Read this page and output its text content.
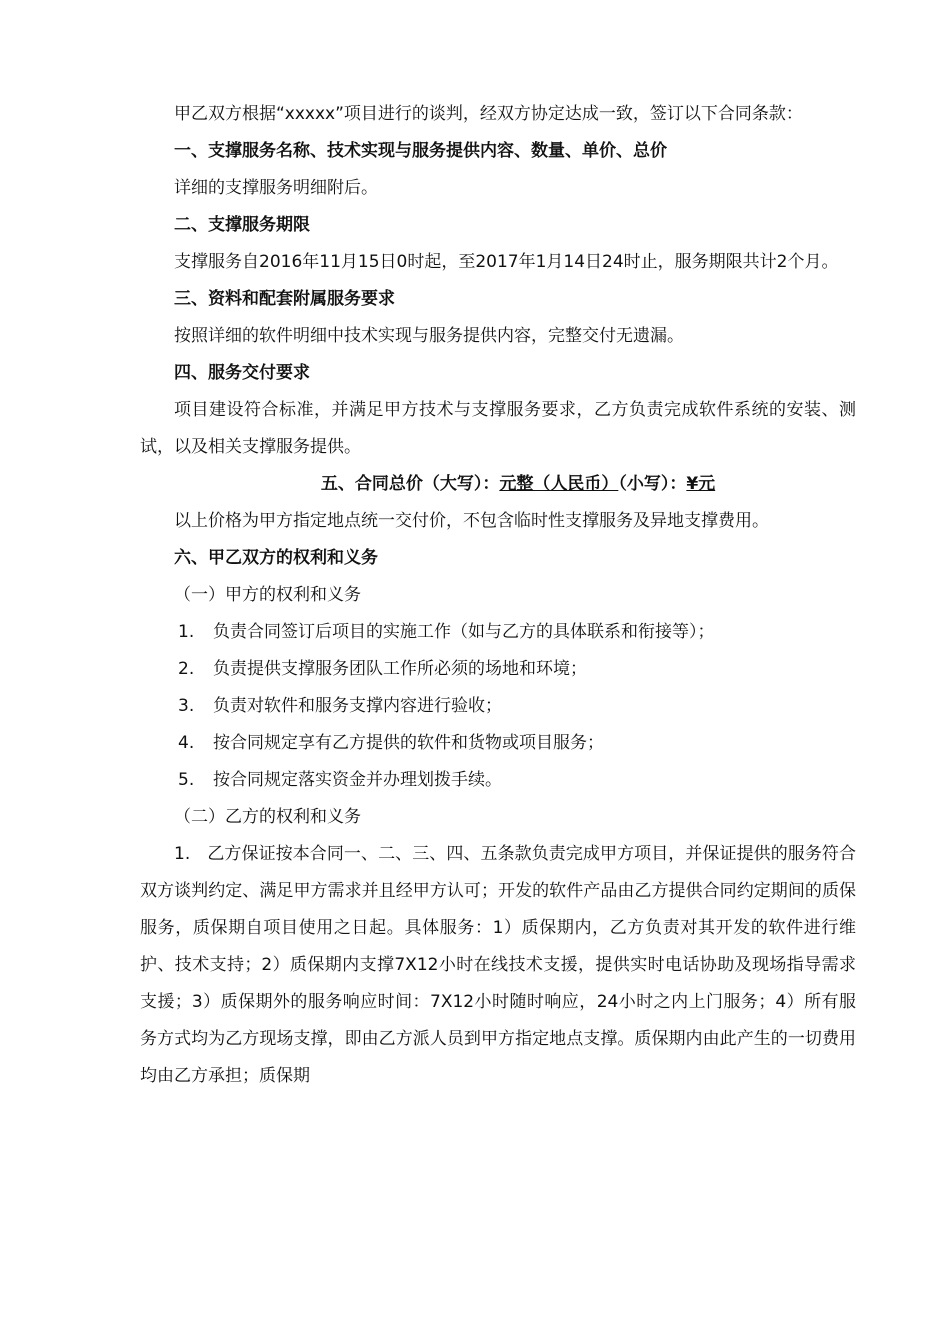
甲乙双方根据“xxxxx”项目进行的谈判，经双方协定达成一致，签订以下合同条款：

一、支撑服务名称、技术实现与服务提供内容、数量、单价、总价

详细的支撑服务明细附后。

二、支撑服务期限

支撑服务自2016年11月15日0时起，至2017年1月14日24时止，服务期限共计2个月。

三、资料和配套附属服务要求

按照详细的软件明细中技术实现与服务提供内容，完整交付无遗漏。

四、服务交付要求

项目建设符合标准，并满足甲方技术与支撑服务要求，乙方负责完成软件系统的安装、测试，以及相关支撑服务提供。

五、合同总价（大写）：元整（人民币）（小写）：¥元

以上价格为甲方指定地点统一交付价，不包含临时性支撑服务及异地支撑费用。

六、甲乙双方的权利和义务

（一）甲方的权利和义务

1.	负责合同签订后项目的实施工作（如与乙方的具体联系和衔接等）；
2.	负责提供支撑服务团队工作所必须的场地和环境；
3.	负责对软件和服务支撑内容进行验收；
4.	按合同规定享有乙方提供的软件和货物或项目服务；
5.	按合同规定落实资金并办理划拨手续。

（二）乙方的权利和义务

1.　乙方保证按本合同一、二、三、四、五条款负责完成甲方项目，并保证提供的服务符合双方谈判约定、满足甲方需求并且经甲方认可；开发的软件产品由乙方提供合同约定期间的质保服务，质保期自项目使用之日起。具体服务：1）质保期内，乙方负责对其开发的软件进行维护、技术支持；2）质保期内支撑7X12小时在线技术支援，提供实时电话协助及现场指导需求支援；3）质保期外的服务响应时间：7X12小时随时响应，24小时之内上门服务；4）所有服务方式均为乙方现场支撑，即由乙方派人员到甲方指定地点支撑。质保期内由此产生的一切费用均由乙方承担；质保期
